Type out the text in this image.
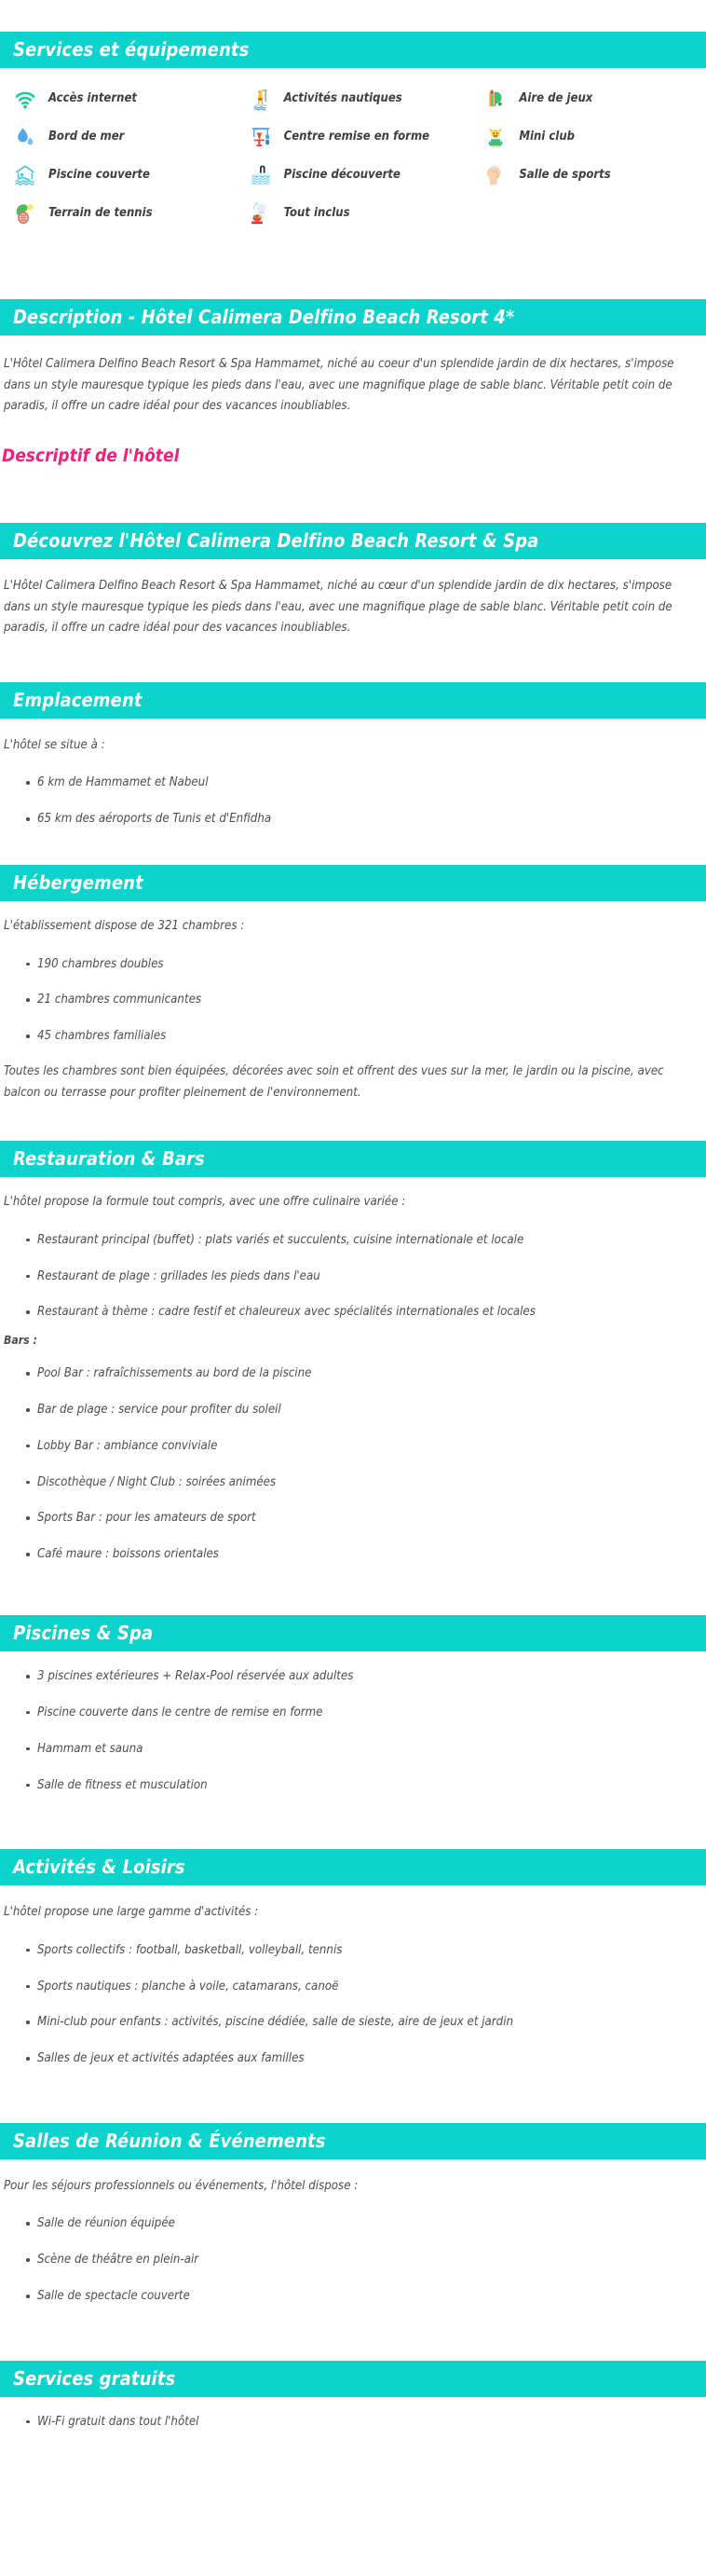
Services et équipements
Accès internet	Activités nautiques	Aire de jeux
Bord de mer	Centre remise en forme	Mini club
Piscine couverte	Piscine découverte	Salle de sports
Terrain de tennis	Tout inclus
Description - Hôtel Calimera Delfino Beach Resort 4*

L'Hôtel Calimera Delfino Beach Resort & Spa Hammamet, niché au coeur d'un splendide jardin de dix hectares, s'impose dans un style mauresque typique les pieds dans l'eau, avec une magnifique plage de sable blanc. Véritable petit coin de paradis, il offre un cadre idéal pour des vacances inoubliables.

Descriptif de l'hôtel
Découvrez l'Hôtel Calimera Delfino Beach Resort & Spa

L'Hôtel Calimera Delfino Beach Resort & Spa Hammamet, niché au cœur d'un splendide jardin de dix hectares, s'impose dans un style mauresque typique les pieds dans l'eau, avec une magnifique plage de sable blanc. Véritable petit coin de paradis, il offre un cadre idéal pour des vacances inoubliables.

Emplacement

L'hôtel se situe à :

6 km de Hammamet et Nabeul
65 km des aéroports de Tunis et d'Enfidha
Hébergement

L'établissement dispose de 321 chambres :

190 chambres doubles
21 chambres communicantes
45 chambres familiales

Toutes les chambres sont bien équipées, décorées avec soin et offrent des vues sur la mer, le jardin ou la piscine, avec balcon ou terrasse pour profiter pleinement de l'environnement.

Restauration & Bars

L'hôtel propose la formule tout compris, avec une offre culinaire variée :

Restaurant principal (buffet) : plats variés et succulents, cuisine internationale et locale
Restaurant de plage : grillades les pieds dans l'eau
Restaurant à thème : cadre festif et chaleureux avec spécialités internationales et locales

Bars :

Pool Bar : rafraîchissements au bord de la piscine
Bar de plage : service pour profiter du soleil
Lobby Bar : ambiance conviviale
Discothèque / Night Club : soirées animées
Sports Bar : pour les amateurs de sport
Café maure : boissons orientales
Piscines & Spa
3 piscines extérieures + Relax-Pool réservée aux adultes
Piscine couverte dans le centre de remise en forme
Hammam et sauna
Salle de fitness et musculation
Activités & Loisirs

L'hôtel propose une large gamme d'activités :

Sports collectifs : football, basketball, volleyball, tennis
Sports nautiques : planche à voile, catamarans, canoë
Mini-club pour enfants : activités, piscine dédiée, salle de sieste, aire de jeux et jardin
Salles de jeux et activités adaptées aux familles
Salles de Réunion & Événements

Pour les séjours professionnels ou événements, l'hôtel dispose :

Salle de réunion équipée
Scène de théâtre en plein-air
Salle de spectacle couverte
Services gratuits
Wi-Fi gratuit dans tout l'hôtel
